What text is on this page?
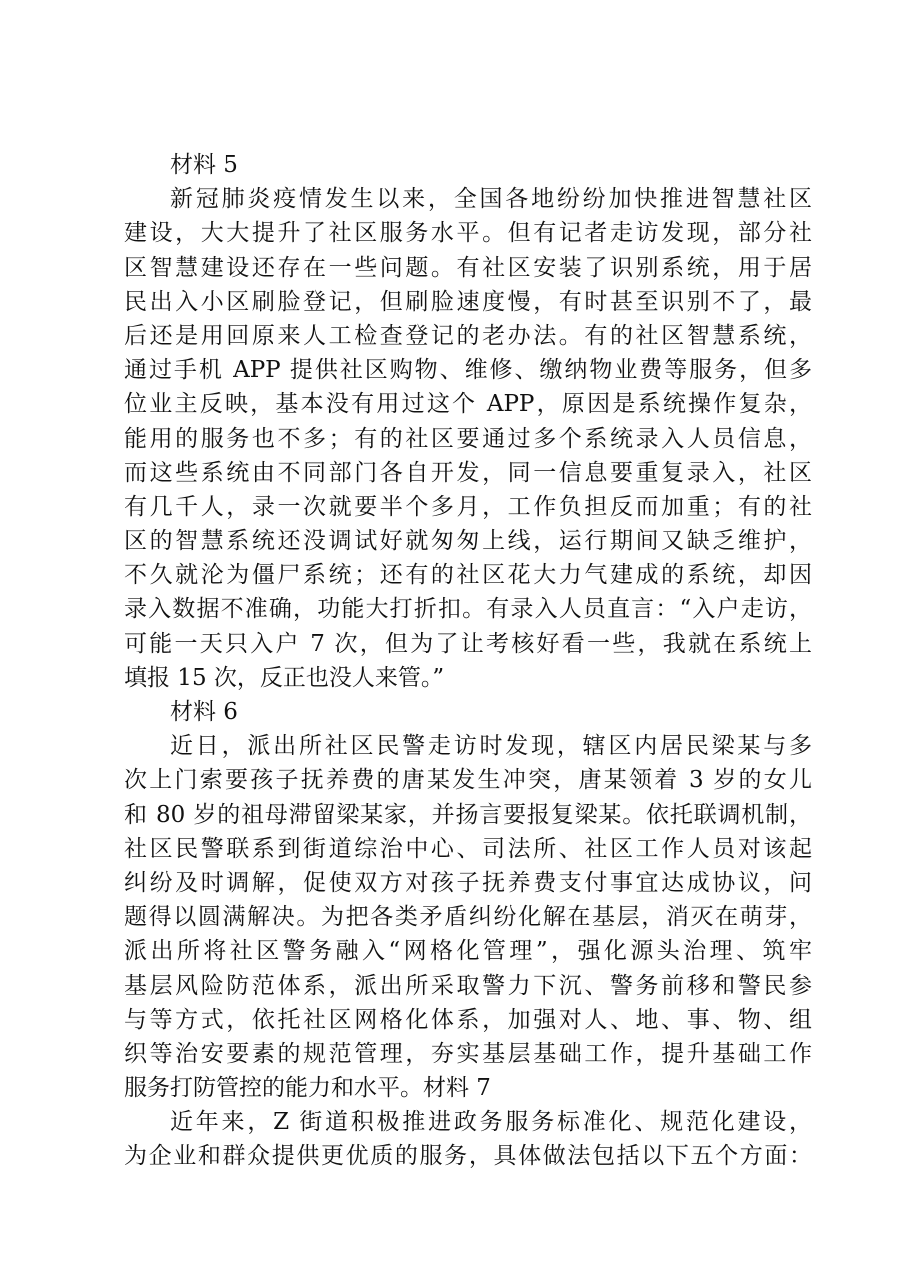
材料 5
新冠肺炎疫情发生以来，全国各地纷纷加快推进智慧社区
建设，大大提升了社区服务水平。但有记者走访发现，部分社
区智慧建设还存在一些问题。有社区安装了识别系统，用于居
民出入小区刷脸登记，但刷脸速度慢，有时甚至识别不了，最
后还是用回原来人工检查登记的老办法。有的社区智慧系统，
通过手机 APP 提供社区购物、维修、缴纳物业费等服务，但多
位业主反映，基本没有用过这个 APP，原因是系统操作复杂，
能用的服务也不多；有的社区要通过多个系统录入人员信息，
而这些系统由不同部门各自开发，同一信息要重复录入，社区
有几千人，录一次就要半个多月，工作负担反而加重；有的社
区的智慧系统还没调试好就匆匆上线，运行期间又缺乏维护，
不久就沦为僵尸系统；还有的社区花大力气建成的系统，却因
录入数据不准确，功能大打折扣。有录入人员直言：“入户走访，
可能一天只入户 7 次，但为了让考核好看一些，我就在系统上
填报 15 次，反正也没人来管。”
材料 6
近日，派出所社区民警走访时发现，辖区内居民梁某与多
次上门索要孩子抚养费的唐某发生冲突，唐某领着 3 岁的女儿
和 80 岁的祖母滞留梁某家，并扬言要报复梁某。依托联调机制，
社区民警联系到街道综治中心、司法所、社区工作人员对该起
纠纷及时调解，促使双方对孩子抚养费支付事宜达成协议，问
题得以圆满解决。为把各类矛盾纠纷化解在基层，消灭在萌芽，
派出所将社区警务融入“网格化管理”，强化源头治理、筑牢
基层风险防范体系，派出所采取警力下沉、警务前移和警民参
与等方式，依托社区网格化体系，加强对人、地、事、物、组
织等治安要素的规范管理，夯实基层基础工作，提升基础工作
服务打防管控的能力和水平。材料 7
近年来，Z 街道积极推进政务服务标准化、规范化建设，
为企业和群众提供更优质的服务，具体做法包括以下五个方面：
